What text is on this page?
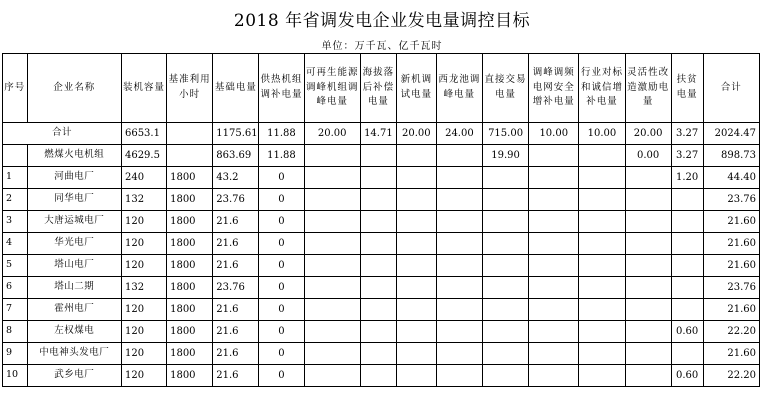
2018 年省调发电企业发电量调控目标
单位：万千瓦、亿千瓦时
序号	企业名称	装机容量	基准利用小时	基础电量	供热机组调补电量	可再生能源调峰机组调峰电量	海拔落后补偿电量	新机调试电量	西龙池调峰电量	直接交易电量	调峰调频电网安全增补电量	行业对标和诚信增补电量	灵活性改造激励电量	扶贫电量	合计
合计		6653.1		1175.61	11.88	20.00	14.71	20.00	24.00	715.00	10.00	10.00	20.00	3.27	2024.47
	燃煤火电机组	4629.5		863.69	11.88					19.90			0.00	3.27	898.73
1	河曲电厂	240	1800	43.2	0									1.20	44.40
2	同华电厂	132	1800	23.76	0										23.76
3	大唐运城电厂	120	1800	21.6	0										21.60
4	华光电厂	120	1800	21.6	0										21.60
5	塔山电厂	120	1800	21.6	0										21.60
6	塔山二期	132	1800	23.76	0										23.76
7	霍州电厂	120	1800	21.6	0										21.60
8	左权煤电	120	1800	21.6	0									0.60	22.20
9	中电神头发电厂	120	1800	21.6	0										21.60
10	武乡电厂	120	1800	21.6	0									0.60	22.20
